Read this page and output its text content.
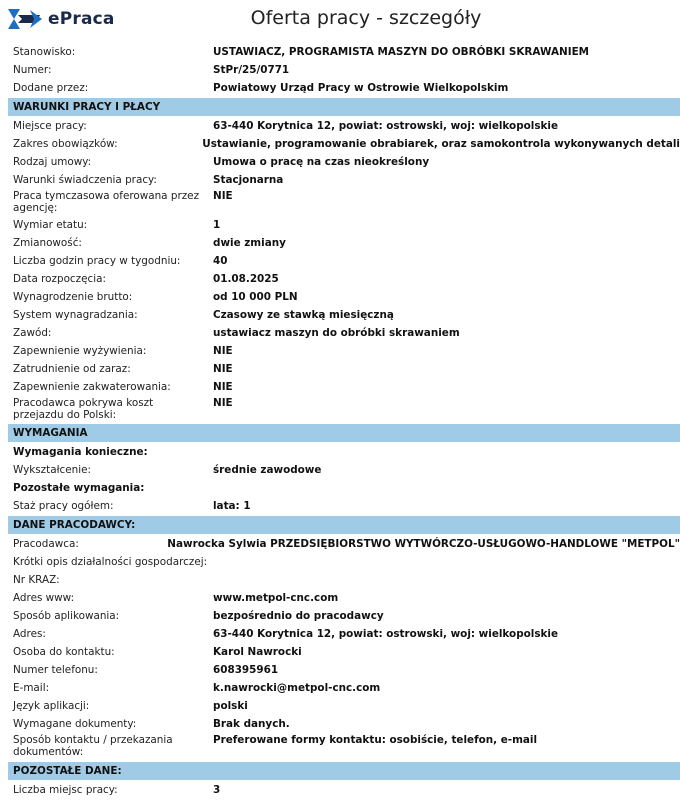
ePraca	Oferta pracy - szczegóły
Stanowisko:	USTAWIACZ, PROGRAMISTA MASZYN DO OBRÓBKI SKRAWANIEM
Numer:	StPr/25/0771
Dodane przez:	Powiatowy Urząd Pracy w Ostrowie Wielkopolskim
WARUNKI PRACY I PŁACY
Miejsce pracy:	63-440 Korytnica 12, powiat: ostrowski, woj: wielkopolskie
Zakres obowiązków:	Ustawianie, programowanie obrabiarek, oraz samokontrola wykonywanych detali
Rodzaj umowy:	Umowa o pracę na czas nieokreślony
Warunki świadczenia pracy:	Stacjonarna
Praca tymczasowa oferowana przez agencję:
NIE
Wymiar etatu:	1
Zmianowość:	dwie zmiany
Liczba godzin pracy w tygodniu:	40
Data rozpoczęcia:	01.08.2025
Wynagrodzenie brutto:	od 10 000 PLN
System wynagradzania:	Czasowy ze stawką miesięczną
Zawód:	ustawiacz maszyn do obróbki skrawaniem
Zapewnienie wyżywienia:	NIE
Zatrudnienie od zaraz:	NIE
Zapewnienie zakwaterowania:	NIE
Pracodawca pokrywa koszt przejazdu do Polski:
NIE
WYMAGANIA
Wymagania konieczne:
Wykształcenie:	średnie zawodowe
Pozostałe wymagania:
Staż pracy ogółem:	lata: 1
DANE PRACODAWCY:
Pracodawca:	Nawrocka Sylwia PRZEDSIĘBIORSTWO WYTWÓRCZO-USŁUGOWO-HANDLOWE "METPOL"
Krótki opis działalności gospodarczej:
Nr KRAZ:
Adres www:	www.metpol-cnc.com
Sposób aplikowania:	bezpośrednio do pracodawcy
Adres:	63-440 Korytnica 12, powiat: ostrowski, woj: wielkopolskie
Osoba do kontaktu:	Karol Nawrocki
Numer telefonu:	608395961
E-mail:	k.nawrocki@metpol-cnc.com
Język aplikacji:	polski
Wymagane dokumenty:	Brak danych.
Sposób kontaktu / przekazania dokumentów:
Preferowane formy kontaktu: osobiście, telefon, e-mail
POZOSTAŁE DANE:
Liczba miejsc pracy:	3
